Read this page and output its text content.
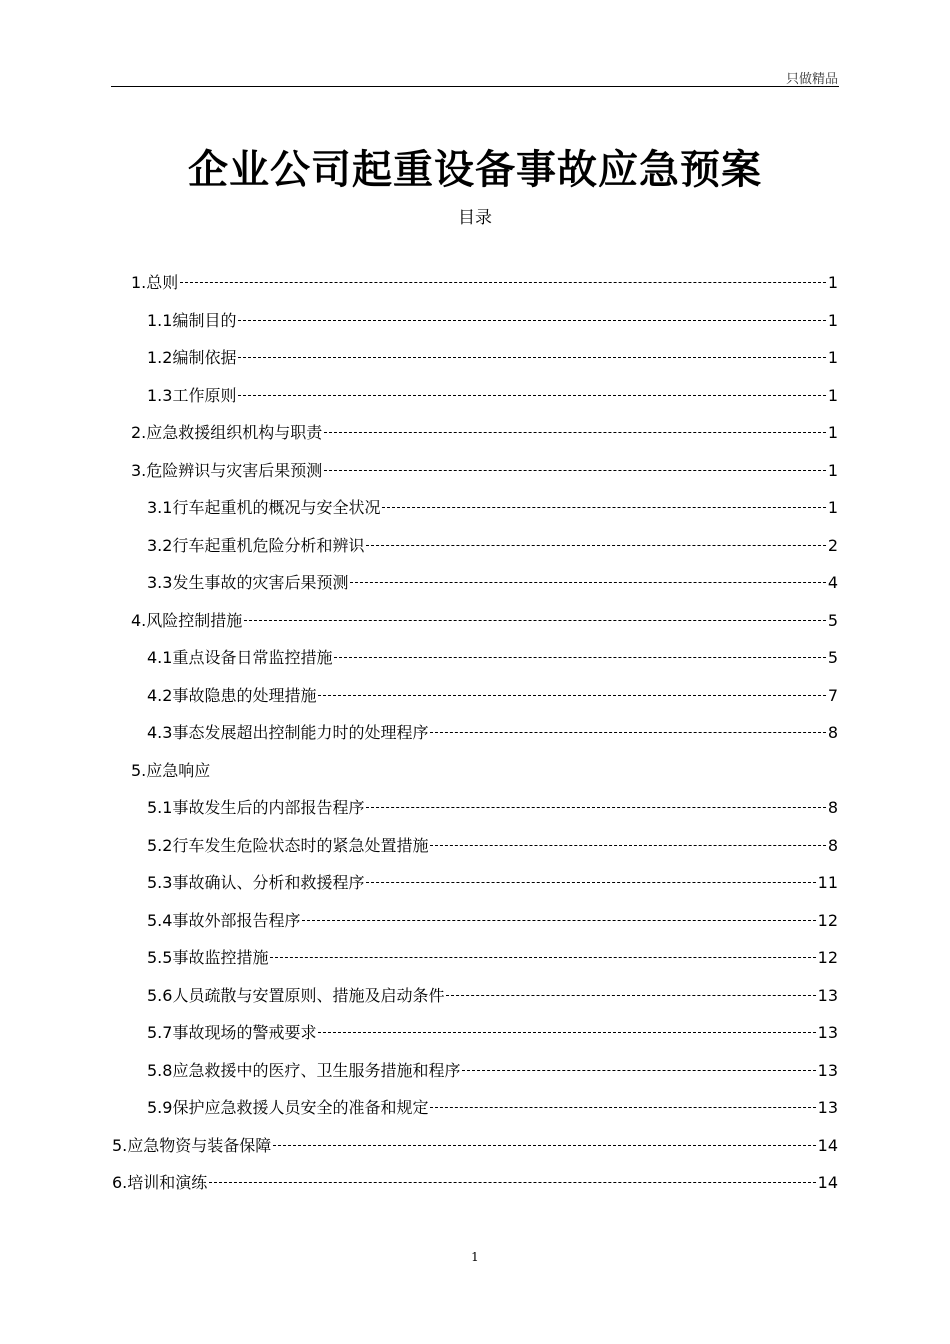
只做精品
企业公司起重设备事故应急预案
目录
1.总则	1
1.1编制目的	1
1.2编制依据	1
1.3工作原则	1
2.应急救援组织机构与职责	1
3.危险辨识与灾害后果预测	1
3.1行车起重机的概况与安全状况	1
3.2行车起重机危险分析和辨识	2
3.3发生事故的灾害后果预测	4
4.风险控制措施	5
4.1重点设备日常监控措施	5
4.2事故隐患的处理措施	7
4.3事态发展超出控制能力时的处理程序	8
5.应急响应
5.1事故发生后的内部报告程序	8
5.2行车发生危险状态时的紧急处置措施	8
5.3事故确认、分析和救援程序	11
5.4事故外部报告程序	12
5.5事故监控措施	12
5.6人员疏散与安置原则、措施及启动条件	13
5.7事故现场的警戒要求	13
5.8应急救援中的医疗、卫生服务措施和程序	13
5.9保护应急救援人员安全的准备和规定	13
5.应急物资与装备保障	14
6.培训和演练	14
1
